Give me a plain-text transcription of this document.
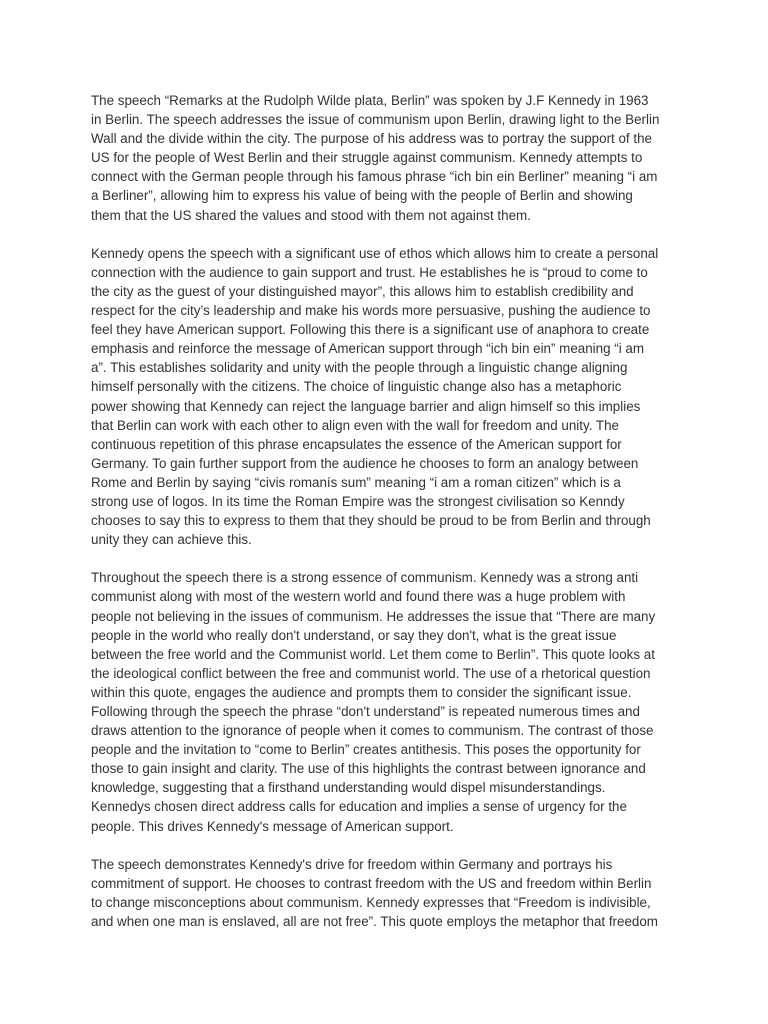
The speech “Remarks at the Rudolph Wilde plata, Berlin” was spoken by J.F Kennedy in 1963
in Berlin. The speech addresses the issue of communism upon Berlin, drawing light to the Berlin
Wall and the divide within the city. The purpose of his address was to portray the support of the
US for the people of West Berlin and their struggle against communism. Kennedy attempts to
connect with the German people through his famous phrase “ich bin ein Berliner” meaning “i am
a Berliner”, allowing him to express his value of being with the people of Berlin and showing
them that the US shared the values and stood with them not against them.

Kennedy opens the speech with a significant use of ethos which allows him to create a personal
connection with the audience to gain support and trust. He establishes he is “proud to come to
the city as the guest of your distinguished mayor”, this allows him to establish credibility and
respect for the city’s leadership and make his words more persuasive, pushing the audience to
feel they have American support. Following this there is a significant use of anaphora to create
emphasis and reinforce the message of American support through “ich bin ein” meaning “i am
a”. This establishes solidarity and unity with the people through a linguistic change aligning
himself personally with the citizens. The choice of linguistic change also has a metaphoric
power showing that Kennedy can reject the language barrier and align himself so this implies
that Berlin can work with each other to align even with the wall for freedom and unity. The
continuous repetition of this phrase encapsulates the essence of the American support for
Germany. To gain further support from the audience he chooses to form an analogy between
Rome and Berlin by saying “civis romanís sum” meaning “i am a roman citizen” which is a
strong use of logos. In its time the Roman Empire was the strongest civilisation so Kenndy
chooses to say this to express to them that they should be proud to be from Berlin and through
unity they can achieve this.

Throughout the speech there is a strong essence of communism. Kennedy was a strong anti
communist along with most of the western world and found there was a huge problem with
people not believing in the issues of communism. He addresses the issue that “There are many
people in the world who really don't understand, or say they don't, what is the great issue
between the free world and the Communist world. Let them come to Berlin”. This quote looks at
the ideological conflict between the free and communist world. The use of a rhetorical question
within this quote, engages the audience and prompts them to consider the significant issue.
Following through the speech the phrase “don't understand” is repeated numerous times and
draws attention to the ignorance of people when it comes to communism. The contrast of those
people and the invitation to “come to Berlin” creates antithesis. This poses the opportunity for
those to gain insight and clarity. The use of this highlights the contrast between ignorance and
knowledge, suggesting that a firsthand understanding would dispel misunderstandings.
Kennedys chosen direct address calls for education and implies a sense of urgency for the
people. This drives Kennedy's message of American support.

The speech demonstrates Kennedy's drive for freedom within Germany and portrays his
commitment of support. He chooses to contrast freedom with the US and freedom within Berlin
to change misconceptions about communism. Kennedy expresses that “Freedom is indivisible,
and when one man is enslaved, all are not free”. This quote employs the metaphor that freedom
